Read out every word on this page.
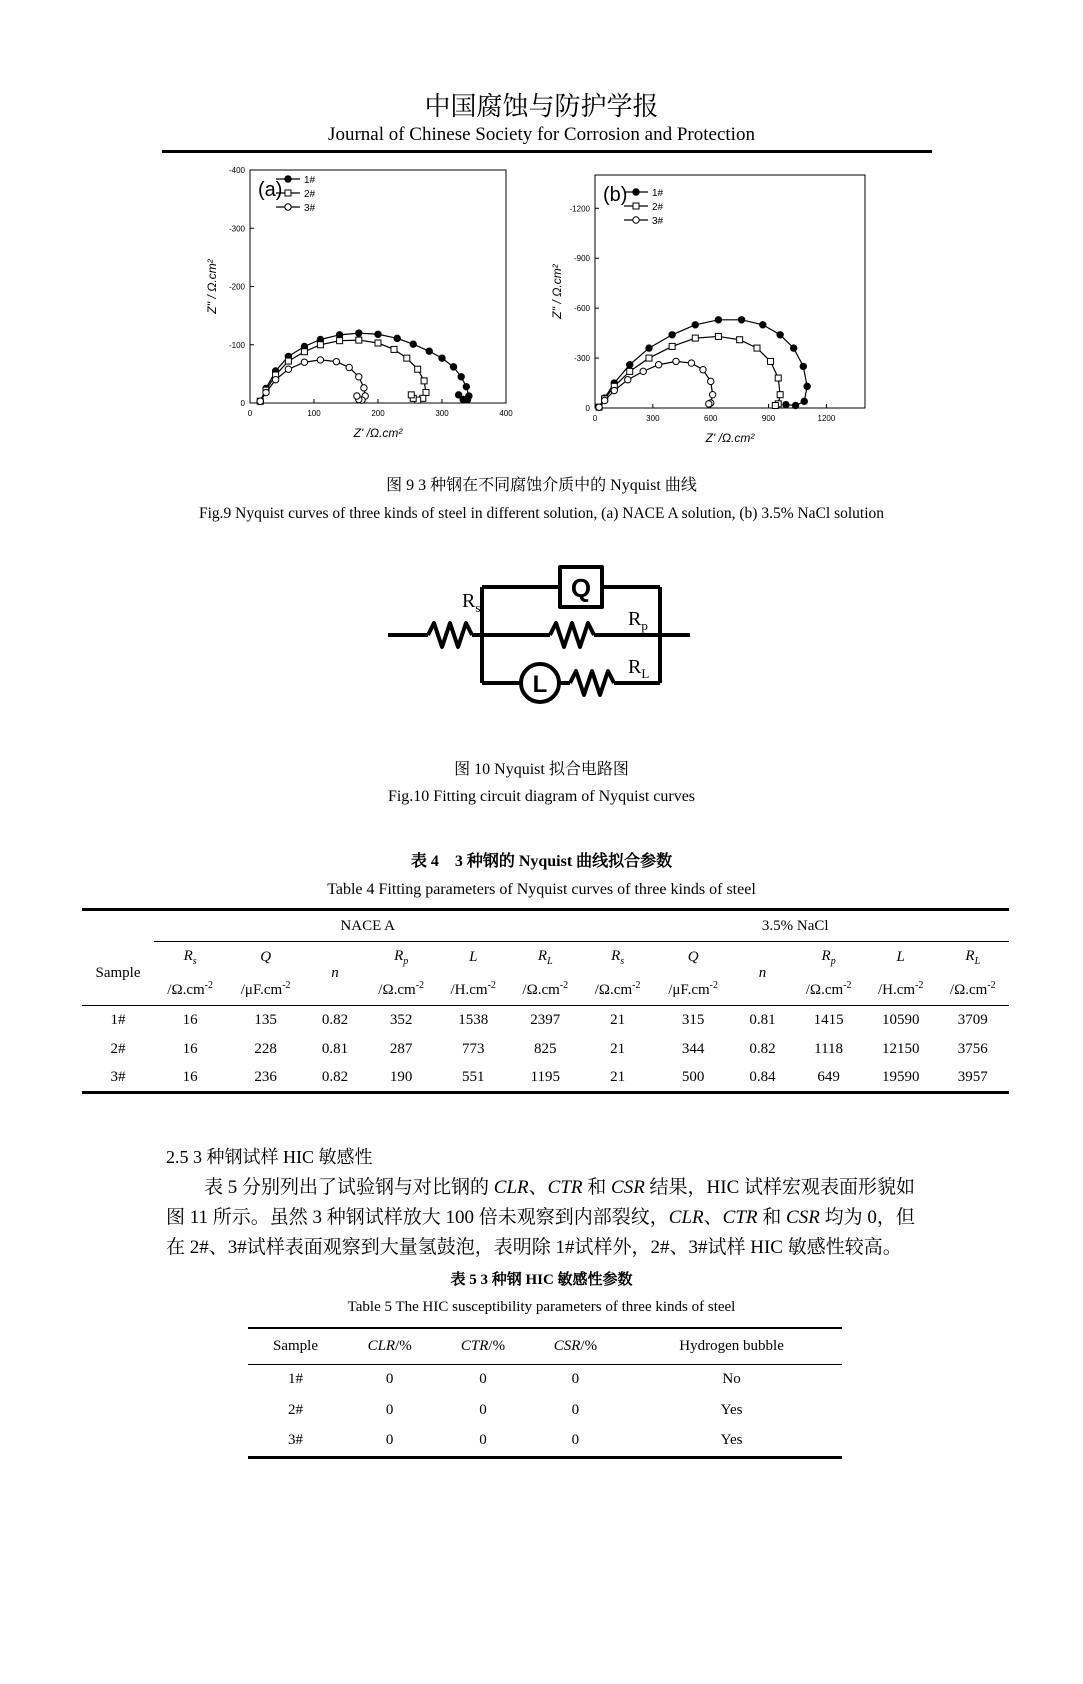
中国腐蚀与防护学报
Journal of Chinese Society for Corrosion and Protection
0	100	200	300	400
0
-100
-200
-300
-400
Z' /Ω.cm²
Z'' / Ω.cm²
(a) 1#
2#
3#
0	300	600	900	1200
0
-300
-600
-900
-1200
Z' /Ω.cm²
Z'' / Ω.cm²
(b) 1#
2#
3#
图 9 3 种钢在不同腐蚀介质中的 Nyquist 曲线
Fig.9 Nyquist curves of three kinds of steel in different solution, (a) NACE A solution, (b) 3.5% NaCl solution
Q
L
$R_s$
$R_p$
$R_L$
图 10 Nyquist 拟合电路图
Fig.10 Fitting circuit diagram of Nyquist curves
表 4　3 种钢的 Nyquist 曲线拟合参数
Table 4 Fitting parameters of Nyquist curves of three kinds of steel
	NACE A						3.5% NaCl					
Sample	$R_s$	Q	n	$R_p$	L	$R_L$	$R_s$	Q	n	$R_p$	L	$R_L$
	$/\Omega.cm^{-2}$	$/\mu F.cm^{-2}$		$/\Omega.cm^{-2}$	$/H.cm^{-2}$	$/\Omega.cm^{-2}$	$/\Omega.cm^{-2}$	$/\mu F.cm^{-2}$		$/\Omega.cm^{-2}$	$/H.cm^{-2}$	$/\Omega.cm^{-2}$
1#	16	135	0.82	352	1538	2397	21	315	0.81	1415	10590	3709
2#	16	228	0.81	287	773	825	21	344	0.82	1118	12150	3756
3#	16	236	0.82	190	551	1195	21	500	0.84	649	19590	3957
2.5 3 种钢试样 HIC 敏感性
表 5 分别列出了试验钢与对比钢的 CLR、CTR 和 CSR 结果，HIC 试样宏观表面形貌如
图 11 所示。虽然 3 种钢试样放大 100 倍未观察到内部裂纹，CLR、CTR 和 CSR 均为 0，但
在 2#、3#试样表面观察到大量氢鼓泡，表明除 1#试样外，2#、3#试样 HIC 敏感性较高。
表 5 3 种钢 HIC 敏感性参数
Table 5 The HIC susceptibility parameters of three kinds of steel
Sample	CLR/%	CTR/%	CSR/%	Hydrogen bubble
1#	0	0	0	No
2#	0	0	0	Yes
3#	0	0	0	Yes
